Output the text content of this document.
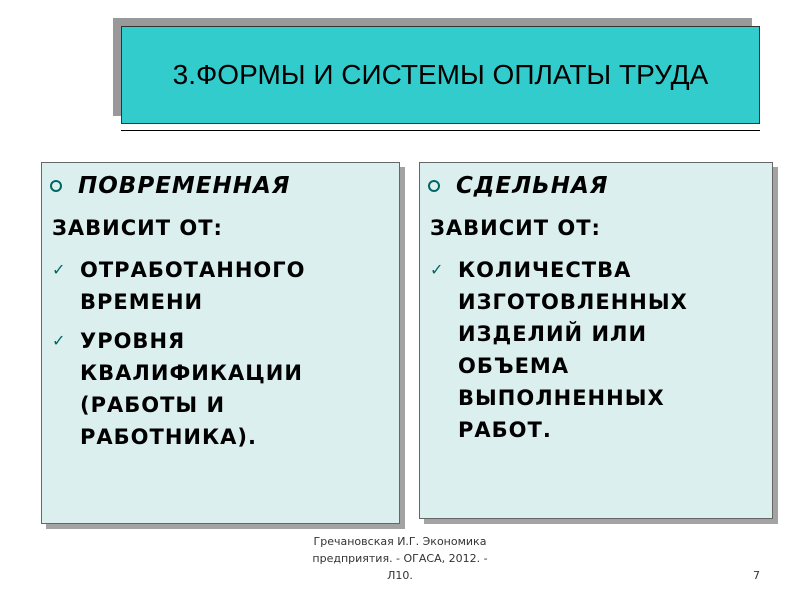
3.ФОРМЫ И СИСТЕМЫ ОПЛАТЫ ТРУДА
ПОВРЕМЕННАЯ

ЗАВИСИТ ОТ:

✓ ОТРАБОТАННОГО
ВРЕМЕНИ
✓ УРОВНЯ
КВАЛИФИКАЦИИ
(РАБОТЫ И
РАБОТНИКА).
СДЕЛЬНАЯ

ЗАВИСИТ ОТ:

✓ КОЛИЧЕСТВА
ИЗГОТОВЛЕННЫХ
ИЗДЕЛИЙ ИЛИ
ОБЪЕМА
ВЫПОЛНЕННЫХ
РАБОТ.

Гречановская И.Г. Экономика
предприятия. - ОГАСА, 2012. -
Л10.	7
